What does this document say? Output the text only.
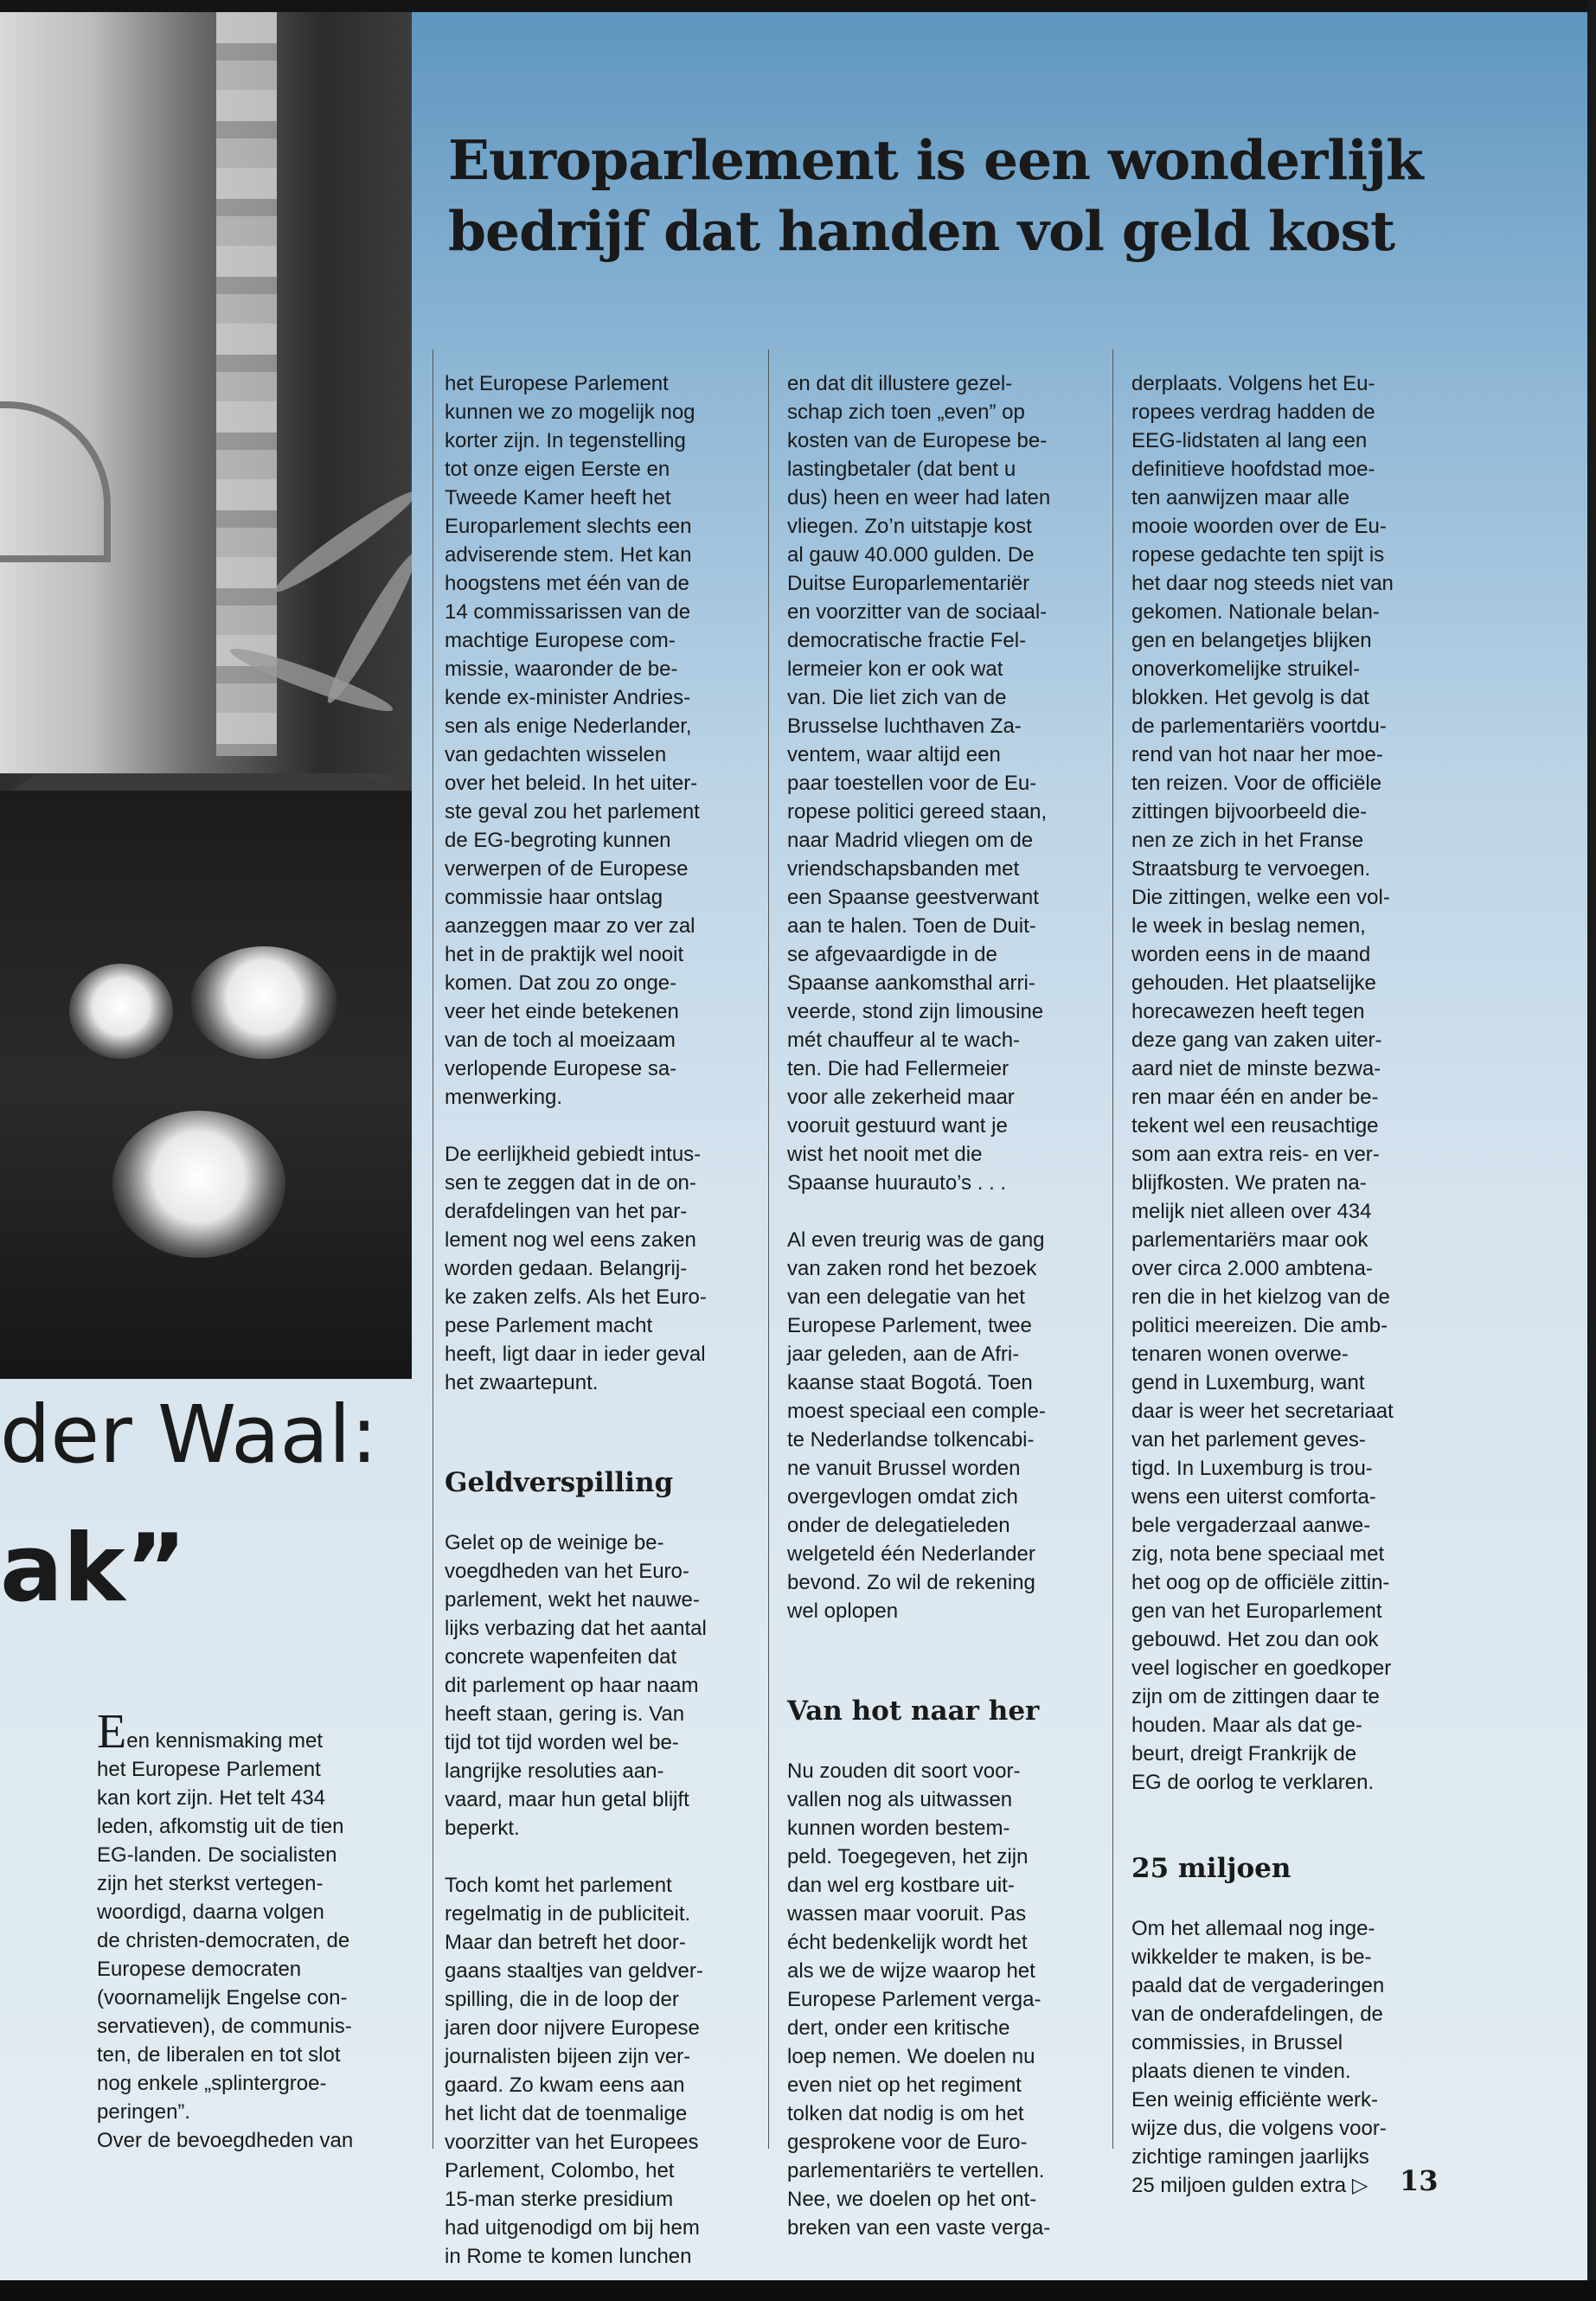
Europarlement is een wonderlijk bedrijf dat handen vol geld kost
der Waal:
ak”

Een kennismaking met
het Europese Parlement
kan kort zijn. Het telt 434
leden, afkomstig uit de tien
EG-landen. De socialisten
zijn het sterkst vertegen-
woordigd, daarna volgen
de christen-democraten, de
Europese democraten
(voornamelijk Engelse con-
servatieven), de communis-
ten, de liberalen en tot slot
nog enkele „splintergroe-
peringen”.
Over de bevoegdheden van

het Europese Parlement
kunnen we zo mogelijk nog
korter zijn. In tegenstelling
tot onze eigen Eerste en
Tweede Kamer heeft het
Europarlement slechts een
adviserende stem. Het kan
hoogstens met één van de
14 commissarissen van de
machtige Europese com-
missie, waaronder de be-
kende ex-minister Andries-
sen als enige Nederlander,
van gedachten wisselen
over het beleid. In het uiter-
ste geval zou het parlement
de EG-begroting kunnen
verwerpen of de Europese
commissie haar ontslag
aanzeggen maar zo ver zal
het in de praktijk wel nooit
komen. Dat zou zo onge-
veer het einde betekenen
van de toch al moeizaam
verlopende Europese sa-
menwerking.

De eerlijkheid gebiedt intus-
sen te zeggen dat in de on-
derafdelingen van het par-
lement nog wel eens zaken
worden gedaan. Belangrij-
ke zaken zelfs. Als het Euro-
pese Parlement macht
heeft, ligt daar in ieder geval
het zwaartepunt.

Geldverspilling

Gelet op de weinige be-
voegdheden van het Euro-
parlement, wekt het nauwe-
lijks verbazing dat het aantal
concrete wapenfeiten dat
dit parlement op haar naam
heeft staan, gering is. Van
tijd tot tijd worden wel be-
langrijke resoluties aan-
vaard, maar hun getal blijft
beperkt.

Toch komt het parlement
regelmatig in de publiciteit.
Maar dan betreft het door-
gaans staaltjes van geldver-
spilling, die in de loop der
jaren door nijvere Europese
journalisten bijeen zijn ver-
gaard. Zo kwam eens aan
het licht dat de toenmalige
voorzitter van het Europees
Parlement, Colombo, het
15-man sterke presidium
had uitgenodigd om bij hem
in Rome te komen lunchen

en dat dit illustere gezel-
schap zich toen „even” op
kosten van de Europese be-
lastingbetaler (dat bent u
dus) heen en weer had laten
vliegen. Zo’n uitstapje kost
al gauw 40.000 gulden. De
Duitse Europarlementariër
en voorzitter van de sociaal-
democratische fractie Fel-
lermeier kon er ook wat
van. Die liet zich van de
Brusselse luchthaven Za-
ventem, waar altijd een
paar toestellen voor de Eu-
ropese politici gereed staan,
naar Madrid vliegen om de
vriendschapsbanden met
een Spaanse geestverwant
aan te halen. Toen de Duit-
se afgevaardigde in de
Spaanse aankomsthal arri-
veerde, stond zijn limousine
mét chauffeur al te wach-
ten. Die had Fellermeier
voor alle zekerheid maar
vooruit gestuurd want je
wist het nooit met die
Spaanse huurauto’s . . .

Al even treurig was de gang
van zaken rond het bezoek
van een delegatie van het
Europese Parlement, twee
jaar geleden, aan de Afri-
kaanse staat Bogotá. Toen
moest speciaal een comple-
te Nederlandse tolkencabi-
ne vanuit Brussel worden
overgevlogen omdat zich
onder de delegatieleden
welgeteld één Nederlander
bevond. Zo wil de rekening
wel oplopen

Van hot naar her

Nu zouden dit soort voor-
vallen nog als uitwassen
kunnen worden bestem-
peld. Toegegeven, het zijn
dan wel erg kostbare uit-
wassen maar vooruit. Pas
écht bedenkelijk wordt het
als we de wijze waarop het
Europese Parlement verga-
dert, onder een kritische
loep nemen. We doelen nu
even niet op het regiment
tolken dat nodig is om het
gesprokene voor de Euro-
parlementariërs te vertellen.
Nee, we doelen op het ont-
breken van een vaste verga-

derplaats. Volgens het Eu-
ropees verdrag hadden de
EEG-lidstaten al lang een
definitieve hoofdstad moe-
ten aanwijzen maar alle
mooie woorden over de Eu-
ropese gedachte ten spijt is
het daar nog steeds niet van
gekomen. Nationale belan-
gen en belangetjes blijken
onoverkomelijke struikel-
blokken. Het gevolg is dat
de parlementariërs voortdu-
rend van hot naar her moe-
ten reizen. Voor de officiële
zittingen bijvoorbeeld die-
nen ze zich in het Franse
Straatsburg te vervoegen.
Die zittingen, welke een vol-
le week in beslag nemen,
worden eens in de maand
gehouden. Het plaatselijke
horecawezen heeft tegen
deze gang van zaken uiter-
aard niet de minste bezwa-
ren maar één en ander be-
tekent wel een reusachtige
som aan extra reis- en ver-
blijfkosten. We praten na-
melijk niet alleen over 434
parlementariërs maar ook
over circa 2.000 ambtena-
ren die in het kielzog van de
politici meereizen. Die amb-
tenaren wonen overwe-
gend in Luxemburg, want
daar is weer het secretariaat
van het parlement geves-
tigd. In Luxemburg is trou-
wens een uiterst comforta-
bele vergaderzaal aanwe-
zig, nota bene speciaal met
het oog op de officiële zittin-
gen van het Europarlement
gebouwd. Het zou dan ook
veel logischer en goedkoper
zijn om de zittingen daar te
houden. Maar als dat ge-
beurt, dreigt Frankrijk de
EG de oorlog te verklaren.

25 miljoen

Om het allemaal nog inge-
wikkelder te maken, is be-
paald dat de vergaderingen
van de onderafdelingen, de
commissies, in Brussel
plaats dienen te vinden.
Een weinig efficiënte werk-
wijze dus, die volgens voor-
zichtige ramingen jaarlijks
25 miljoen gulden extra ▷	13
